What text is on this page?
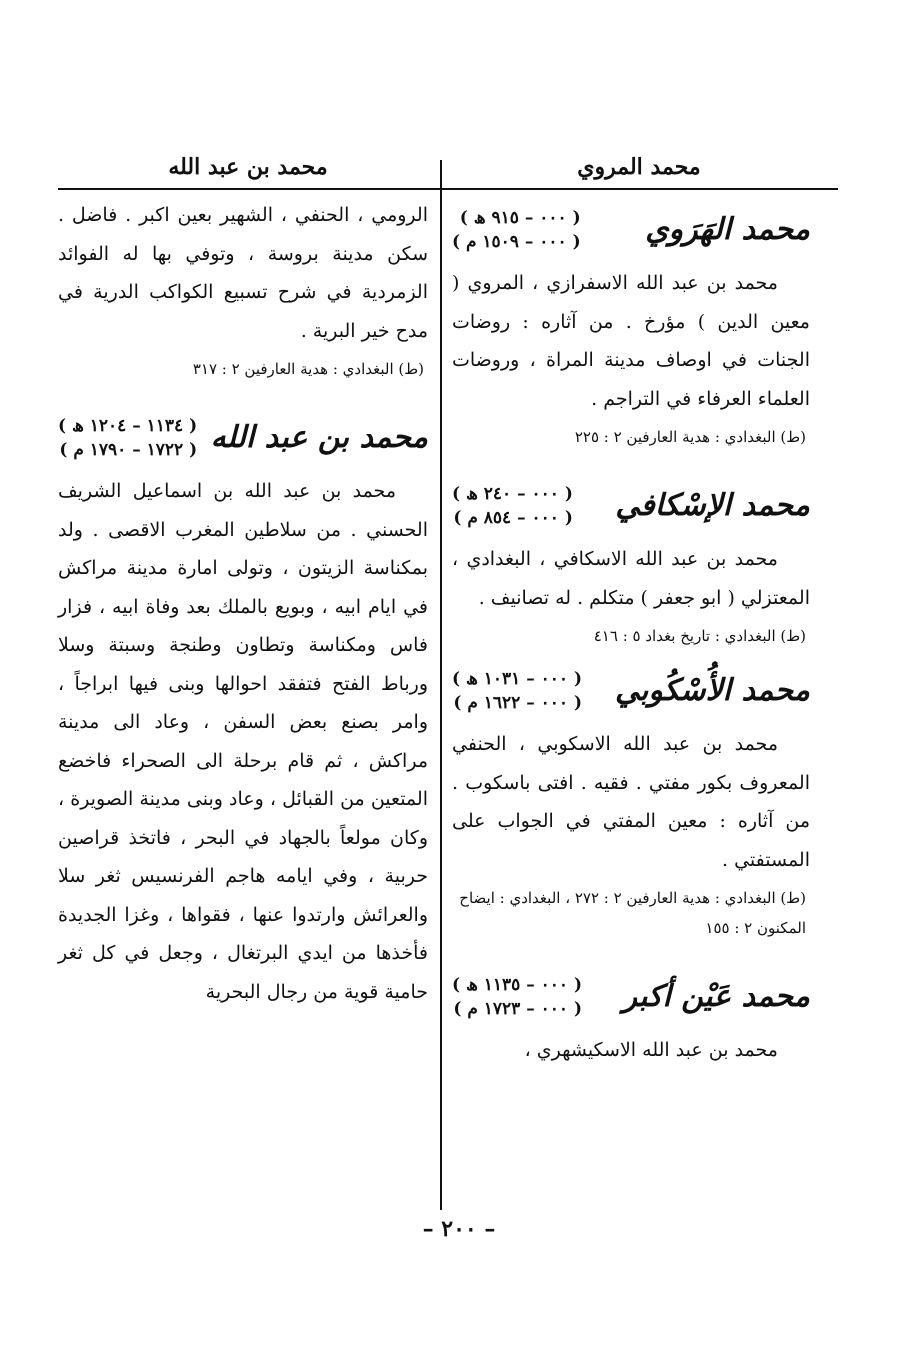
محمد المروي
محمد بن عبد الله
محمد الهَرَوي
( ٠٠٠ – ٩١٥ ھ )
( ٠٠٠ – ١٥٠٩ م )

محمد بن عبد الله الاسفرازي ، المروي ( معين الدين ) مؤرخ . من آثاره : روضات الجنات في اوصاف مدينة المراة ، وروضات العلماء العرفاء في التراجم .

(ط) البغدادي : هدية العارفين ٢ : ٢٢٥
محمد الإسْكافي
( ٠٠٠ – ٢٤٠ ھ )
( ٠٠٠ – ٨٥٤ م )

محمد بن عبد الله الاسكافي ، البغدادي ، المعتزلي ( ابو جعفر ) متكلم . له تصانيف .

(ط) البغدادي : تاريخ بغداد ٥ : ٤١٦
محمد الأُسْكُوبي
( ٠٠٠ – ١٠٣١ ھ )
( ٠٠٠ – ١٦٢٢ م )

محمد بن عبد الله الاسكوبي ، الحنفي المعروف بكور مفتي . فقيه . افتى باسكوب . من آثاره : معين المفتي في الجواب على المستفتي .

(ط) البغدادي : هدية العارفين ٢ : ٢٧٢ ، البغدادي : ايضاح المكنون ٢ : ١٥٥
محمد عَيْن أكبر
( ٠٠٠ – ١١٣٥ ھ )
( ٠٠٠ – ١٧٢٣ م )

محمد بن عبد الله الاسكيشهري ،

الرومي ، الحنفي ، الشهير بعين اكبر . فاضل . سكن مدينة بروسة ، وتوفي بها له الفوائد الزمردية في شرح تسبيع الكواكب الدرية في مدح خير البرية .

(ط) البغدادي : هدية العارفين ٢ : ٣١٧
محمد بن عبد الله
( ١١٣٤ – ١٢٠٤ ھ )
( ١٧٢٢ – ١٧٩٠ م )

محمد بن عبد الله بن اسماعيل الشريف الحسني . من سلاطين المغرب الاقصى . ولد بمكناسة الزيتون ، وتولى امارة مدينة مراكش في ايام ابيه ، وبويع بالملك بعد وفاة ابيه ، فزار فاس ومكناسة وتطاون وطنجة وسبتة وسلا ورباط الفتح فتفقد احوالها وبنى فيها ابراجاً ، وامر بصنع بعض السفن ، وعاد الى مدينة مراكش ، ثم قام برحلة الى الصحراء فاخضع المتعين من القبائل ، وعاد وبنى مدينة الصويرة ، وكان مولعاً بالجهاد في البحر ، فاتخذ قراصين حربية ، وفي ايامه هاجم الفرنسيس ثغر سلا والعرائش وارتدوا عنها ، فقواها ، وغزا الجديدة فأخذها من ايدي البرتغال ، وجعل في كل ثغر حامية قوية من رجال البحرية

– ٢٠٠ –
